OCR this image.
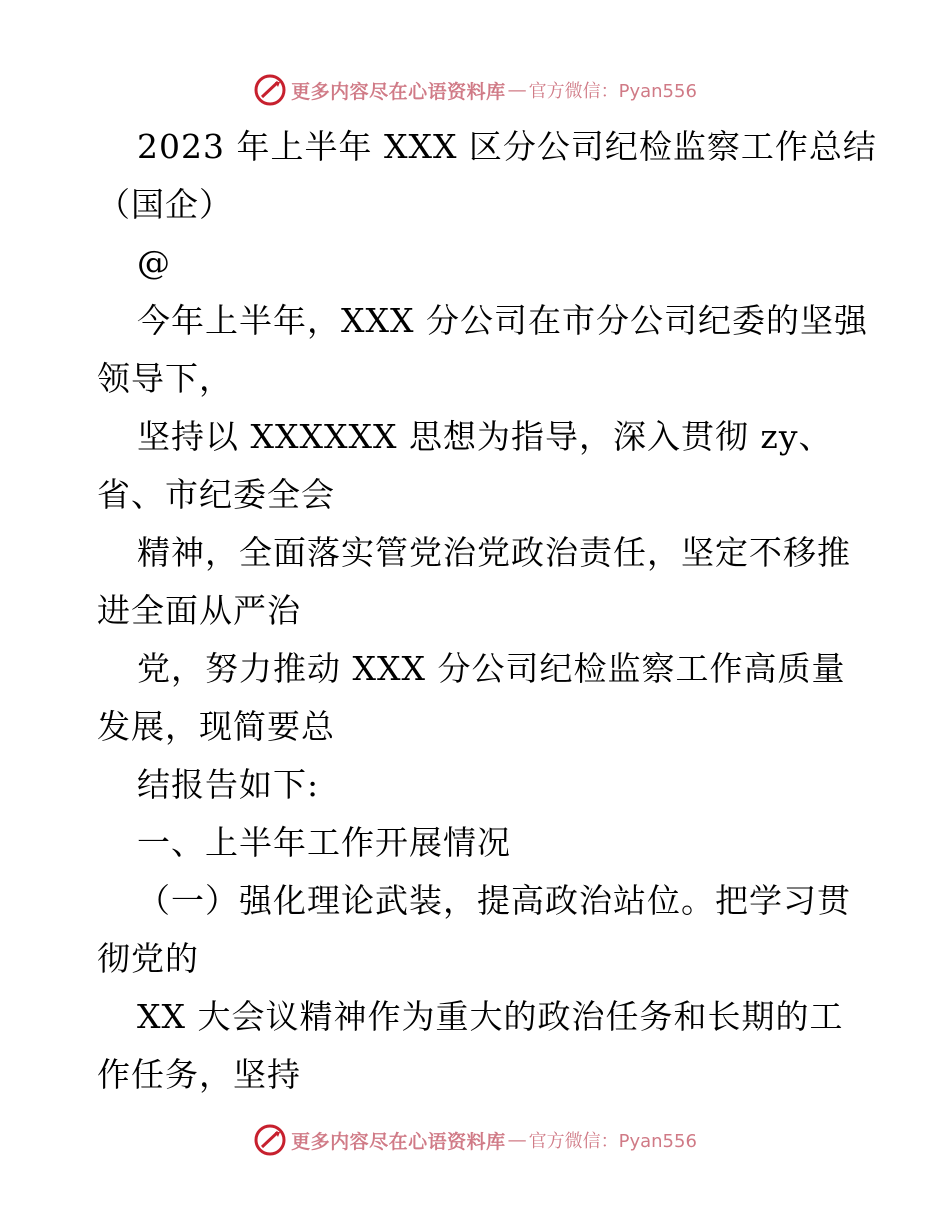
更多内容尽在心语资料库 — 官方微信：Pyan556
2023 年上半年 XXX 区分公司纪检监察工作总结
（国企）
@
今年上半年，XXX 分公司在市分公司纪委的坚强
领导下，
坚持以 XXXXXX 思想为指导，深入贯彻 zy、
省、市纪委全会
精神，全面落实管党治党政治责任，坚定不移推
进全面从严治
党，努力推动 XXX 分公司纪检监察工作高质量
发展，现简要总
结报告如下:
一、上半年工作开展情况
（一）强化理论武装，提高政治站位。把学习贯
彻党的
XX 大会议精神作为重大的政治任务和长期的工
作任务，坚持
更多内容尽在心语资料库 — 官方微信：Pyan556
